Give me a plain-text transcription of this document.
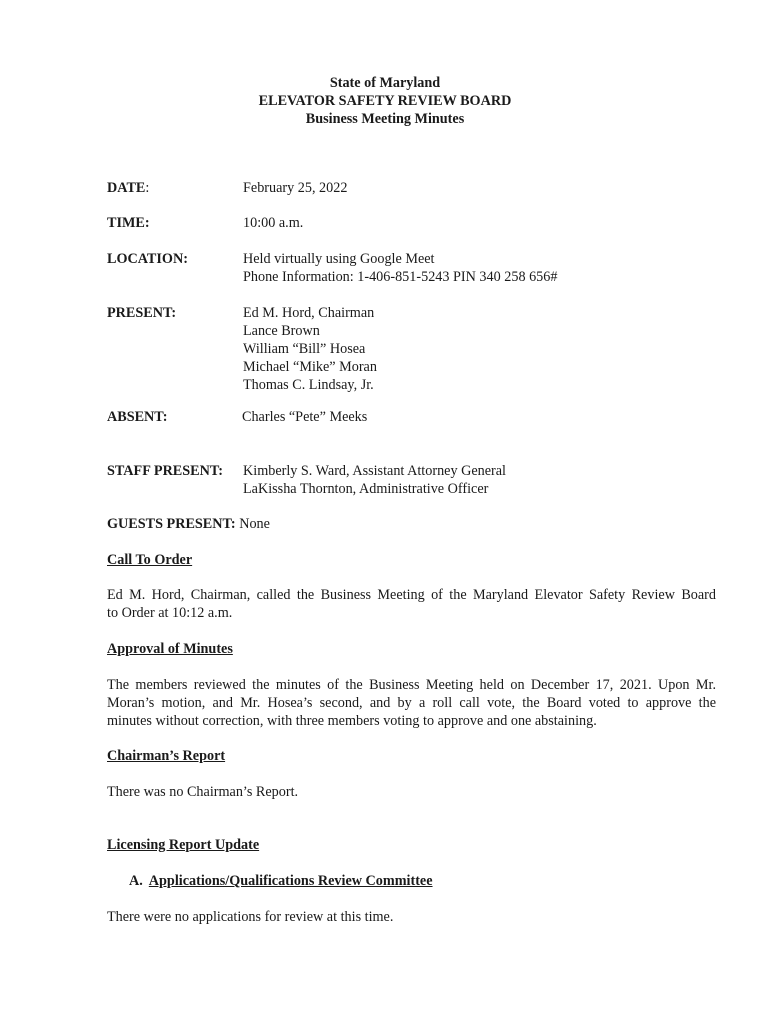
State of Maryland
ELEVATOR SAFETY REVIEW BOARD
Business Meeting Minutes
DATE:	February 25, 2022
TIME:	10:00 a.m.
LOCATION:	Held virtually using Google Meet
Phone Information: 1-406-851-5243 PIN 340 258 656#
PRESENT:	Ed M. Hord, Chairman
Lance Brown
William “Bill” Hosea
Michael “Mike” Moran
Thomas C. Lindsay, Jr.
ABSENT:	Charles “Pete” Meeks
STAFF PRESENT: Kimberly S. Ward, Assistant Attorney General
LaKissha Thornton, Administrative Officer
GUESTS PRESENT: None
Call To Order
Ed M. Hord, Chairman, called the Business Meeting of the Maryland Elevator Safety Review Board
to Order at 10:12 a.m.
Approval of Minutes
The members reviewed the minutes of the Business Meeting held on December 17, 2021. Upon Mr.
Moran’s motion, and Mr. Hosea’s second, and by a roll call vote, the Board voted to approve the
minutes without correction, with three members voting to approve and one abstaining.
Chairman’s Report
There was no Chairman’s Report.
Licensing Report Update
A. Applications/Qualifications Review Committee
There were no applications for review at this time.
